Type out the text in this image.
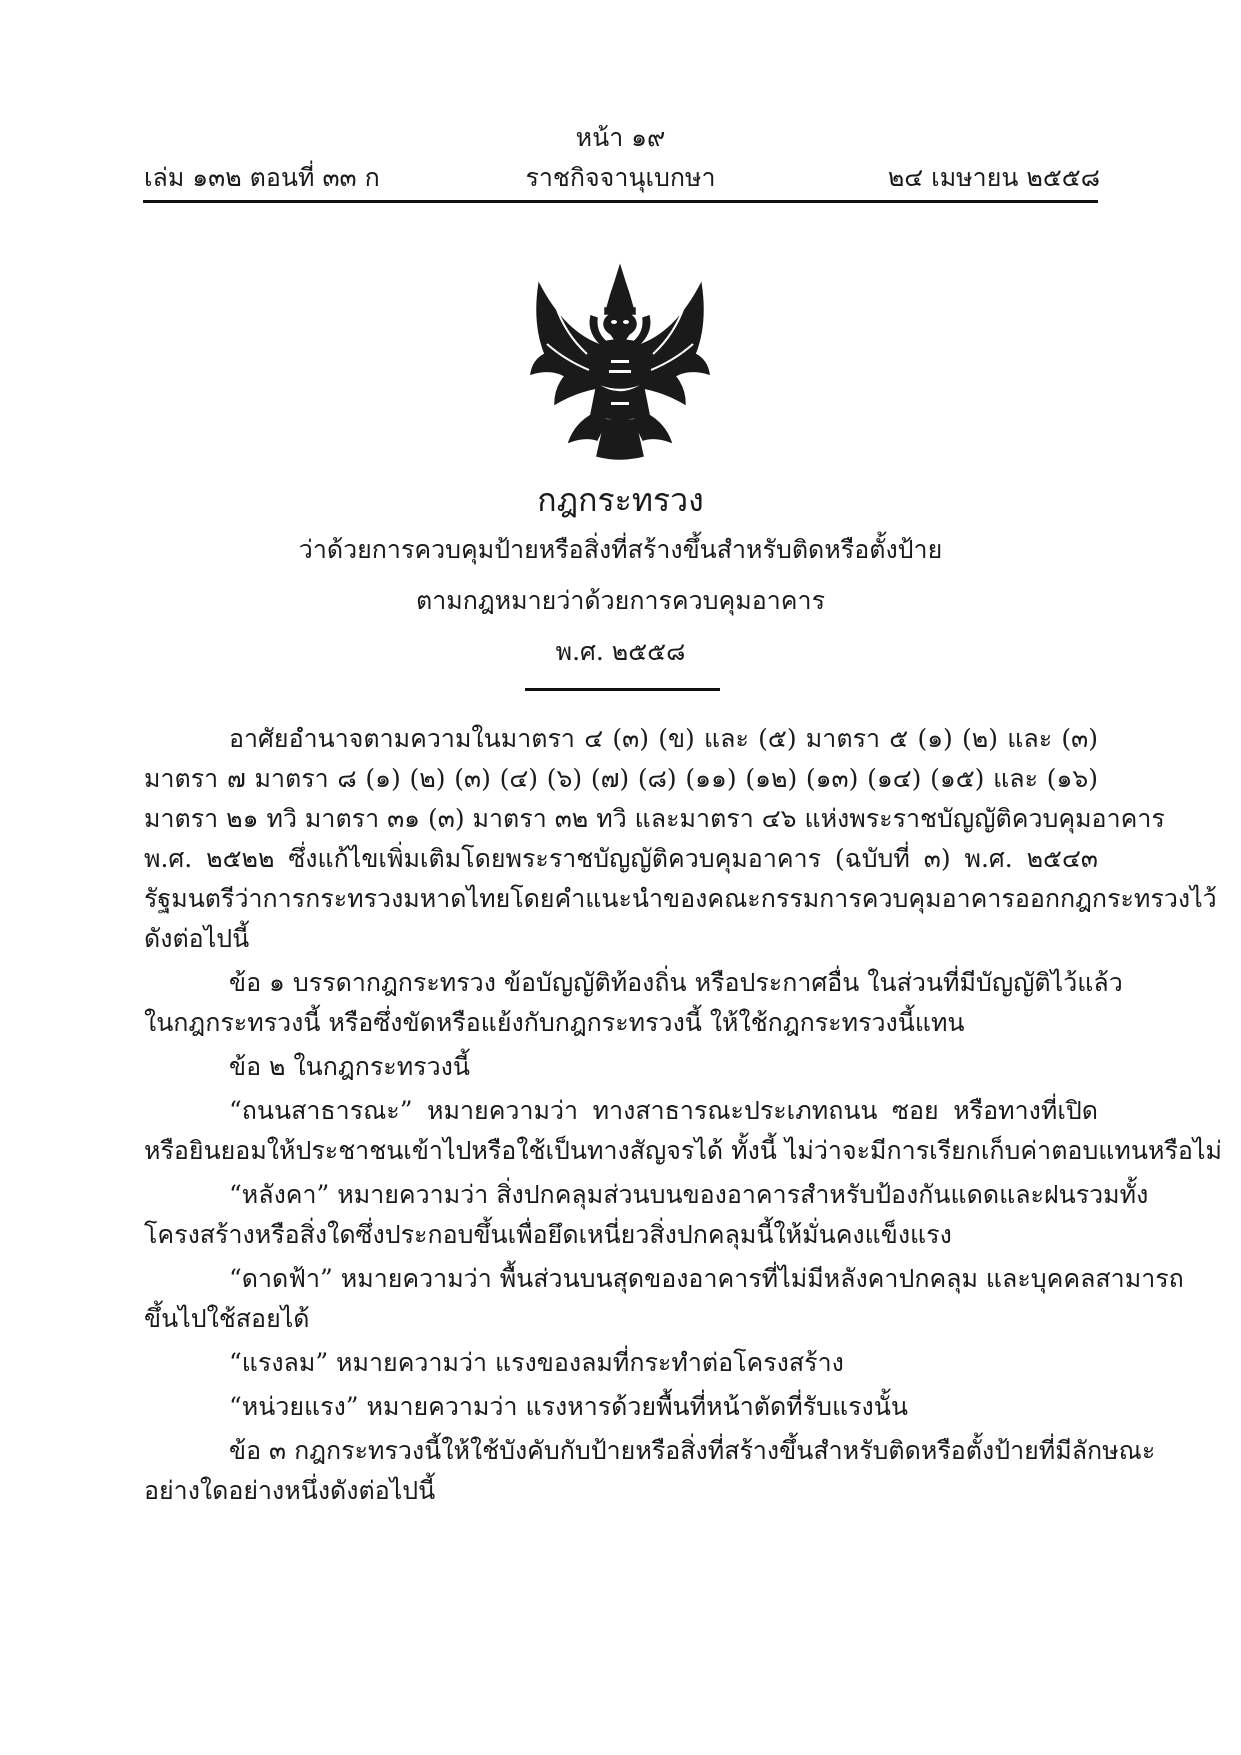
หน้า ๑๙
เล่ม ๑๓๒ ตอนที่ ๓๓ ก	ราชกิจจานุเบกษา	๒๔ เมษายน ๒๕๕๘
กฎกระทรวง
ว่าด้วยการควบคุมป้ายหรือสิ่งที่สร้างขึ้นสำหรับติดหรือตั้งป้าย
ตามกฎหมายว่าด้วยการควบคุมอาคาร
พ.ศ. ๒๕๕๘
อาศัยอำนาจตามความในมาตรา ๔ (๓) (ข) และ (๕) มาตรา ๕ (๑) (๒) และ (๓)
มาตรา ๗ มาตรา ๘ (๑) (๒) (๓) (๔) (๖) (๗) (๘) (๑๑) (๑๒) (๑๓) (๑๔) (๑๕) และ (๑๖)
มาตรา ๒๑ ทวิ มาตรา ๓๑ (๓) มาตรา ๓๒ ทวิ และมาตรา ๔๖ แห่งพระราชบัญญัติควบคุมอาคาร
พ.ศ. ๒๕๒๒ ซึ่งแก้ไขเพิ่มเติมโดยพระราชบัญญัติควบคุมอาคาร (ฉบับที่ ๓) พ.ศ. ๒๕๔๓
รัฐมนตรีว่าการกระทรวงมหาดไทยโดยคำแนะนำของคณะกรรมการควบคุมอาคารออกกฎกระทรวงไว้
ดังต่อไปนี้
ข้อ ๑ บรรดากฎกระทรวง ข้อบัญญัติท้องถิ่น หรือประกาศอื่น ในส่วนที่มีบัญญัติไว้แล้ว
ในกฎกระทรวงนี้ หรือซึ่งขัดหรือแย้งกับกฎกระทรวงนี้ ให้ใช้กฎกระทรวงนี้แทน
ข้อ ๒ ในกฎกระทรวงนี้
“ถนนสาธารณะ” หมายความว่า ทางสาธารณะประเภทถนน ซอย หรือทางที่เปิด
หรือยินยอมให้ประชาชนเข้าไปหรือใช้เป็นทางสัญจรได้ ทั้งนี้ ไม่ว่าจะมีการเรียกเก็บค่าตอบแทนหรือไม่
“หลังคา” หมายความว่า สิ่งปกคลุมส่วนบนของอาคารสำหรับป้องกันแดดและฝนรวมทั้ง
โครงสร้างหรือสิ่งใดซึ่งประกอบขึ้นเพื่อยึดเหนี่ยวสิ่งปกคลุมนี้ให้มั่นคงแข็งแรง
“ดาดฟ้า” หมายความว่า พื้นส่วนบนสุดของอาคารที่ไม่มีหลังคาปกคลุม และบุคคลสามารถ
ขึ้นไปใช้สอยได้
“แรงลม” หมายความว่า แรงของลมที่กระทำต่อโครงสร้าง
“หน่วยแรง” หมายความว่า แรงหารด้วยพื้นที่หน้าตัดที่รับแรงนั้น
ข้อ ๓ กฎกระทรวงนี้ให้ใช้บังคับกับป้ายหรือสิ่งที่สร้างขึ้นสำหรับติดหรือตั้งป้ายที่มีลักษณะ
อย่างใดอย่างหนึ่งดังต่อไปนี้
